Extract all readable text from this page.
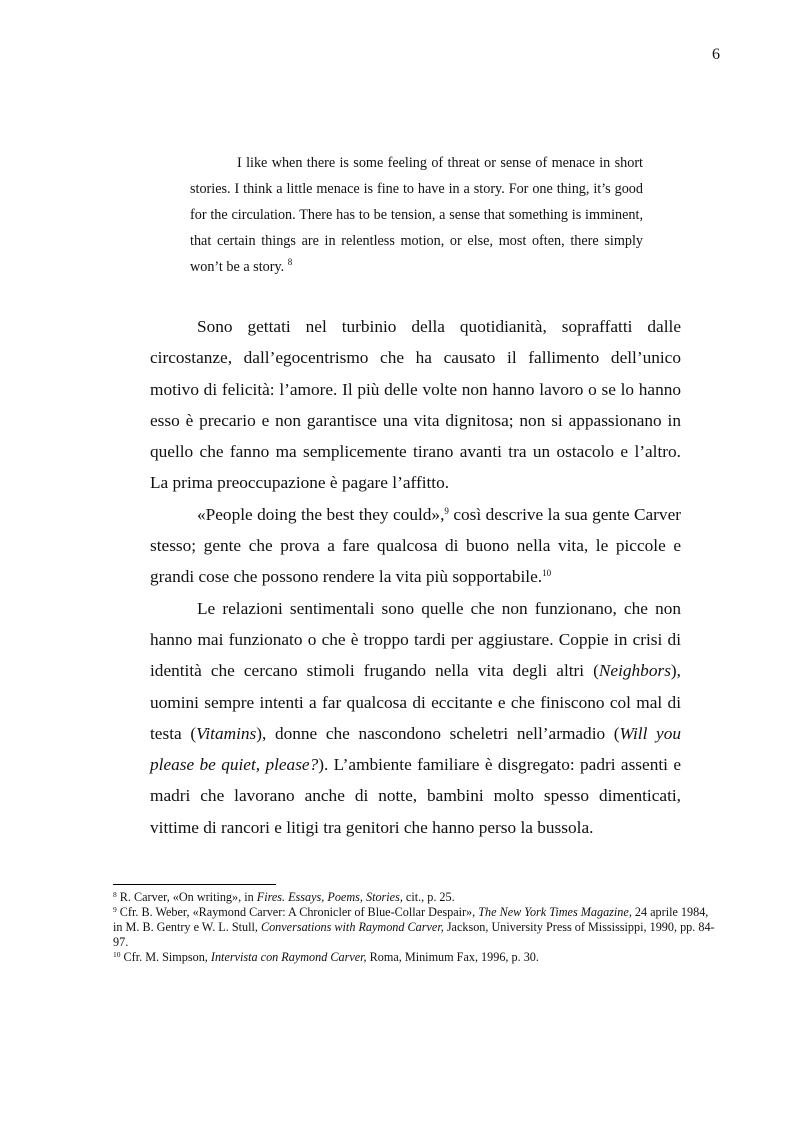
6

I like when there is some feeling of threat or sense of menace in short stories. I think a little menace is fine to have in a story. For one thing, it’s good for the circulation. There has to be tension, a sense that something is imminent, that certain things are in relentless motion, or else, most often, there simply won’t be a story. $^8$

Sono gettati nel turbinio della quotidianità, sopraffatti dalle circostanze, dall’egocentrismo che ha causato il fallimento dell’unico motivo di felicità: l’amore. Il più delle volte non hanno lavoro o se lo hanno esso è precario e non garantisce una vita dignitosa; non si appassionano in quello che fanno ma semplicemente tirano avanti tra un ostacolo e l’altro. La prima preoccupazione è pagare l’affitto.

«People doing the best they could»,$^9$ così descrive la sua gente Carver stesso; gente che prova a fare qualcosa di buono nella vita, le piccole e grandi cose che possono rendere la vita più sopportabile.$^{10}$

Le relazioni sentimentali sono quelle che non funzionano, che non hanno mai funzionato o che è troppo tardi per aggiustare. Coppie in crisi di identità che cercano stimoli frugando nella vita degli altri (Neighbors), uomini sempre intenti a far qualcosa di eccitante e che finiscono col mal di testa (Vitamins), donne che nascondono scheletri nell’armadio (Will you please be quiet, please?). L’ambiente familiare è disgregato: padri assenti e madri che lavorano anche di notte, bambini molto spesso dimenticati, vittime di rancori e litigi tra genitori che hanno perso la bussola.

$^8$ R. Carver, «On writing», in Fires. Essays, Poems, Stories, cit., p. 25.

$^9$ Cfr. B. Weber, «Raymond Carver: A Chronicler of Blue-Collar Despair», The New York Times Magazine, 24 aprile 1984, in M. B. Gentry e W. L. Stull, Conversations with Raymond Carver, Jackson, University Press of Mississippi, 1990, pp. 84-97.

$^{10}$ Cfr. M. Simpson, Intervista con Raymond Carver, Roma, Minimum Fax, 1996, p. 30.
